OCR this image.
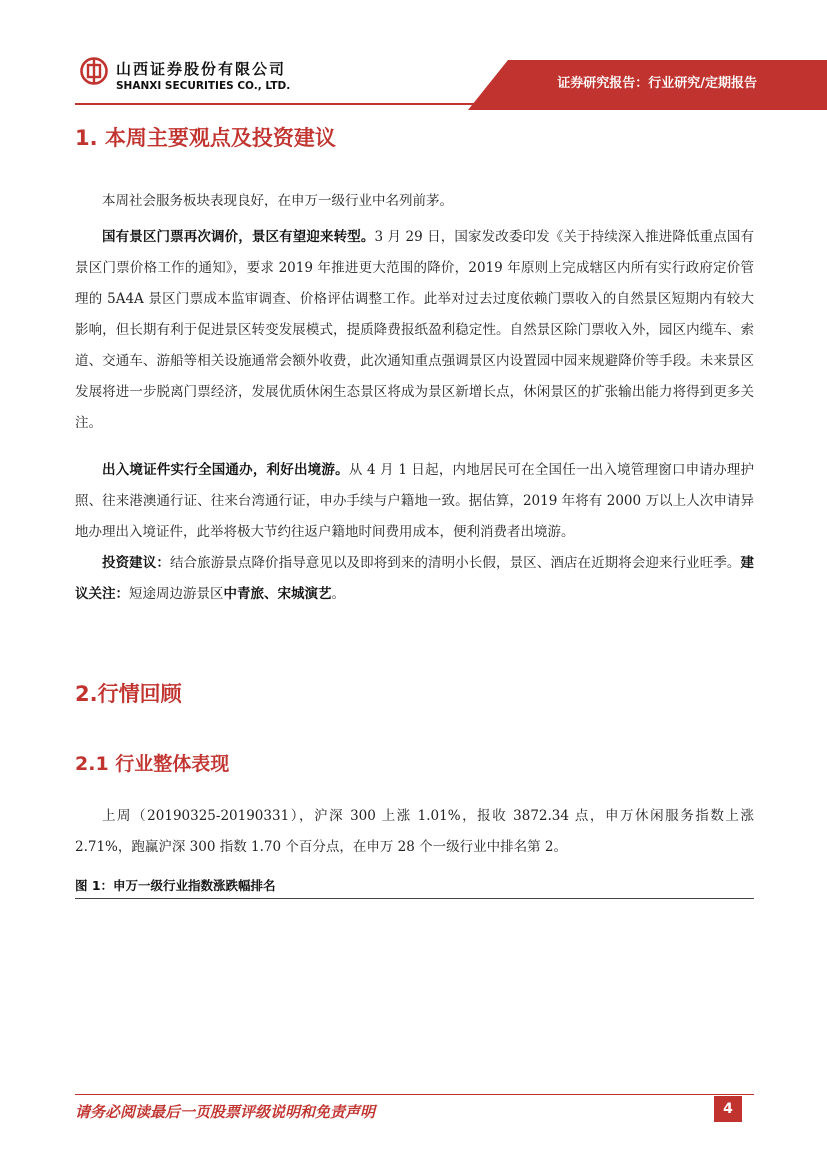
山西证券股份有限公司
SHANXI SECURITIES CO., LTD.	证券研究报告：行业研究/定期报告
1. 本周主要观点及投资建议

本周社会服务板块表现良好，在申万一级行业中名列前茅。

国有景区门票再次调价，景区有望迎来转型。3 月 29 日，国家发改委印发《关于持续深入推进降低重点国有景区门票价格工作的通知》，要求 2019 年推进更大范围的降价，2019 年原则上完成辖区内所有实行政府定价管理的 5A4A 景区门票成本监审调查、价格评估调整工作。此举对过去过度依赖门票收入的自然景区短期内有较大影响，但长期有利于促进景区转变发展模式，提质降费报纸盈利稳定性。自然景区除门票收入外，园区内缆车、索道、交通车、游船等相关设施通常会额外收费，此次通知重点强调景区内设置园中园来规避降价等手段。未来景区发展将进一步脱离门票经济，发展优质休闲生态景区将成为景区新增长点，休闲景区的扩张输出能力将得到更多关注。

出入境证件实行全国通办，利好出境游。从 4 月 1 日起，内地居民可在全国任一出入境管理窗口申请办理护照、往来港澳通行证、往来台湾通行证，申办手续与户籍地一致。据估算，2019 年将有 2000 万以上人次申请异地办理出入境证件，此举将极大节约往返户籍地时间费用成本，便利消费者出境游。

投资建议：结合旅游景点降价指导意见以及即将到来的清明小长假，景区、酒店在近期将会迎来行业旺季。建议关注：短途周边游景区中青旅、宋城演艺。

2.行情回顾
2.1 行业整体表现

上周（20190325-20190331），沪深 300 上涨 1.01%，报收 3872.34 点，申万休闲服务指数上涨 2.71%，跑赢沪深 300 指数 1.70 个百分点，在申万 28 个一级行业中排名第 2。

图 1：申万一级行业指数涨跌幅排名
请务必阅读最后一页股票评级说明和免责声明	4
